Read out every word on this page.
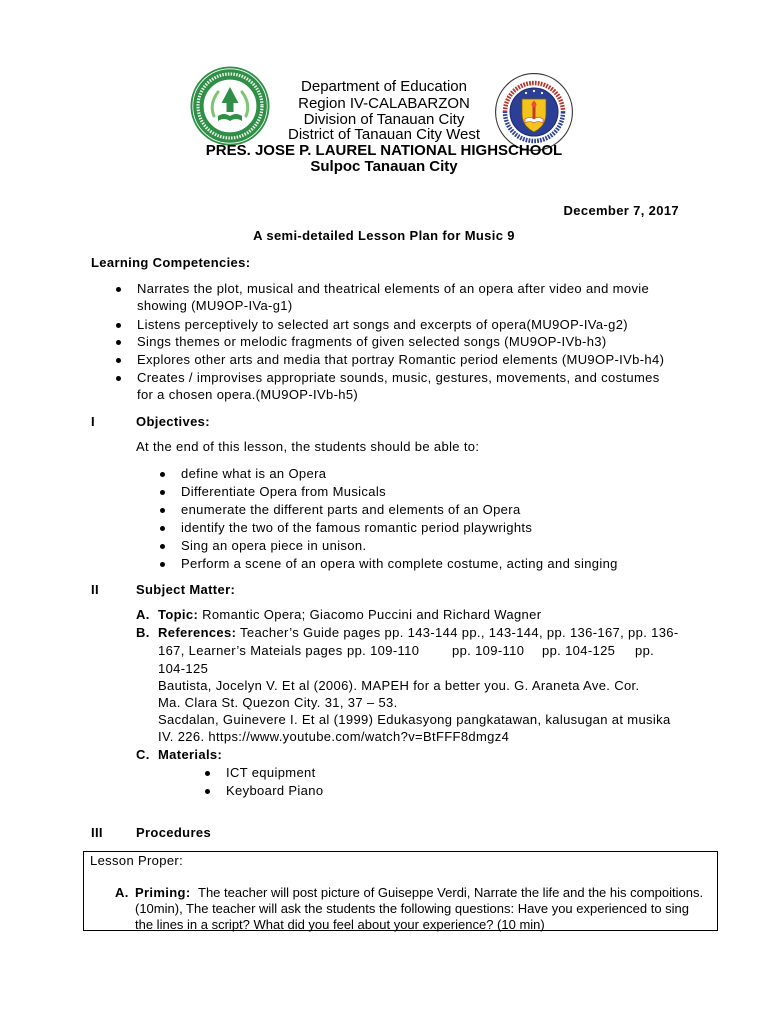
Department of Education
Region IV-CALABARZON
Division of Tanauan City
District of Tanauan City West
PRES. JOSE P. LAUREL NATIONAL HIGHSCHOOL
Sulpoc Tanauan City
December 7, 2017
A semi-detailed Lesson Plan for Music 9
Learning Competencies:
Narrates the plot, musical and theatrical elements of an opera after video and movie
showing (MU9OP-IVa-g1)
Listens perceptively to selected art songs and excerpts of opera(MU9OP-IVa-g2)
Sings themes or melodic fragments of given selected songs (MU9OP-IVb-h3)
Explores other arts and media that portray Romantic period elements (MU9OP-IVb-h4)
Creates / improvises appropriate sounds, music, gestures, movements, and costumes
for a chosen opera.(MU9OP-IVb-h5)
I	Objectives:
At the end of this lesson, the students should be able to:
define what is an Opera
Differentiate Opera from Musicals
enumerate the different parts and elements of an Opera
identify the two of the famous romantic period playwrights
Sing an opera piece in unison.
Perform a scene of an opera with complete costume, acting and singing
II	Subject Matter:
A. Topic: Romantic Opera; Giacomo Puccini and Richard Wagner
B. References: Teacher’s Guide pages pp. 143-144 pp., 143-144, pp. 136-167, pp. 136-
167, Learner’s Mateials pages pp. 109-110	pp. 109-110 pp. 104-125 pp.
104-125
Bautista, Jocelyn V. Et al (2006). MAPEH for a better you. G. Araneta Ave. Cor.
Ma. Clara St. Quezon City. 31, 37 – 53.
Sacdalan, Guinevere I. Et al (1999) Edukasyong pangkatawan, kalusugan at musika
IV. 226. https://www.youtube.com/watch?v=BtFFF8dmgz4
C. Materials:
ICT equipment
Keyboard Piano
III	Procedures
Lesson Proper:
A. Priming: The teacher will post picture of Guiseppe Verdi, Narrate the life and the his compoitions.
(10min), The teacher will ask the students the following questions: Have you experienced to sing
the lines in a script? What did you feel about your experience? (10 min)
